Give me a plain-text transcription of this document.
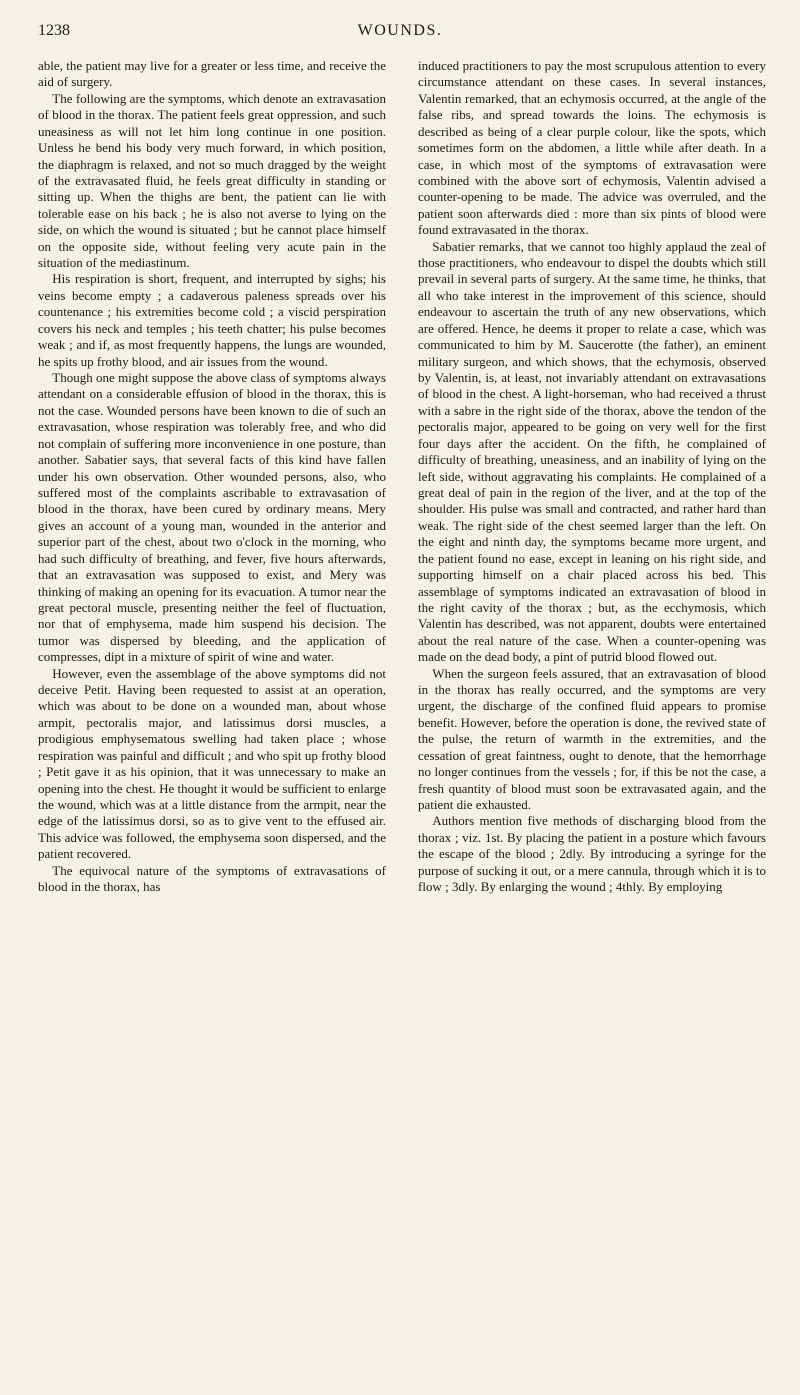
1238	WOUNDS.

able, the patient may live for a greater or less time, and receive the aid of surgery.

The following are the symptoms, which denote an extravasation of blood in the thorax. The patient feels great oppression, and such uneasiness as will not let him long continue in one position. Unless he bend his body very much forward, in which position, the diaphragm is relaxed, and not so much dragged by the weight of the extravasated fluid, he feels great difficulty in standing or sitting up. When the thighs are bent, the patient can lie with tolerable ease on his back ; he is also not averse to lying on the side, on which the wound is situated ; but he cannot place himself on the opposite side, without feeling very acute pain in the situation of the mediastinum.

His respiration is short, frequent, and interrupted by sighs; his veins become empty ; a cadaverous paleness spreads over his countenance ; his extremities become cold ; a viscid perspiration covers his neck and temples ; his teeth chatter; his pulse becomes weak ; and if, as most frequently happens, the lungs are wounded, he spits up frothy blood, and air issues from the wound.

Though one might suppose the above class of symptoms always attendant on a considerable effusion of blood in the thorax, this is not the case. Wounded persons have been known to die of such an extravasation, whose respiration was tolerably free, and who did not complain of suffering more inconvenience in one posture, than another. Sabatier says, that several facts of this kind have fallen under his own observation. Other wounded persons, also, who suffered most of the complaints ascribable to extravasation of blood in the thorax, have been cured by ordinary means. Mery gives an account of a young man, wounded in the anterior and superior part of the chest, about two o'clock in the morning, who had such difficulty of breathing, and fever, five hours afterwards, that an extravasation was supposed to exist, and Mery was thinking of making an opening for its evacuation. A tumor near the great pectoral muscle, presenting neither the feel of fluctuation, nor that of emphysema, made him suspend his decision. The tumor was dispersed by bleeding, and the application of compresses, dipt in a mixture of spirit of wine and water.

However, even the assemblage of the above symptoms did not deceive Petit. Having been requested to assist at an operation, which was about to be done on a wounded man, about whose armpit, pectoralis major, and latissimus dorsi muscles, a prodigious emphysematous swelling had taken place ; whose respiration was painful and difficult ; and who spit up frothy blood ; Petit gave it as his opinion, that it was unnecessary to make an opening into the chest. He thought it would be sufficient to enlarge the wound, which was at a little distance from the armpit, near the edge of the latissimus dorsi, so as to give vent to the effused air. This advice was followed, the emphysema soon dispersed, and the patient recovered.

The equivocal nature of the symptoms of extravasations of blood in the thorax, has

induced practitioners to pay the most scrupulous attention to every circumstance attendant on these cases. In several instances, Valentin remarked, that an echymosis occurred, at the angle of the false ribs, and spread towards the loins. The echymosis is described as being of a clear purple colour, like the spots, which sometimes form on the abdomen, a little while after death. In a case, in which most of the symptoms of extravasation were combined with the above sort of echymosis, Valentin advised a counter-opening to be made. The advice was overruled, and the patient soon afterwards died : more than six pints of blood were found extravasated in the thorax.

Sabatier remarks, that we cannot too highly applaud the zeal of those practitioners, who endeavour to dispel the doubts which still prevail in several parts of surgery. At the same time, he thinks, that all who take interest in the improvement of this science, should endeavour to ascertain the truth of any new observations, which are offered. Hence, he deems it proper to relate a case, which was communicated to him by M. Saucerotte (the father), an eminent military surgeon, and which shows, that the echymosis, observed by Valentin, is, at least, not invariably attendant on extravasations of blood in the chest. A light-horseman, who had received a thrust with a sabre in the right side of the thorax, above the tendon of the pectoralis major, appeared to be going on very well for the first four days after the accident. On the fifth, he complained of difficulty of breathing, uneasiness, and an inability of lying on the left side, without aggravating his complaints. He complained of a great deal of pain in the region of the liver, and at the top of the shoulder. His pulse was small and contracted, and rather hard than weak. The right side of the chest seemed larger than the left. On the eight and ninth day, the symptoms became more urgent, and the patient found no ease, except in leaning on his right side, and supporting himself on a chair placed across his bed. This assemblage of symptoms indicated an extravasation of blood in the right cavity of the thorax ; but, as the ecchymosis, which Valentin has described, was not apparent, doubts were entertained about the real nature of the case. When a counter-opening was made on the dead body, a pint of putrid blood flowed out.

When the surgeon feels assured, that an extravasation of blood in the thorax has really occurred, and the symptoms are very urgent, the discharge of the confined fluid appears to promise benefit. However, before the operation is done, the revived state of the pulse, the return of warmth in the extremities, and the cessation of great faintness, ought to denote, that the hemorrhage no longer continues from the vessels ; for, if this be not the case, a fresh quantity of blood must soon be extravasated again, and the patient die exhausted.

Authors mention five methods of discharging blood from the thorax ; viz. 1st. By placing the patient in a posture which favours the escape of the blood ; 2dly. By introducing a syringe for the purpose of sucking it out, or a mere cannula, through which it is to flow ; 3dly. By enlarging the wound ; 4thly. By employing
